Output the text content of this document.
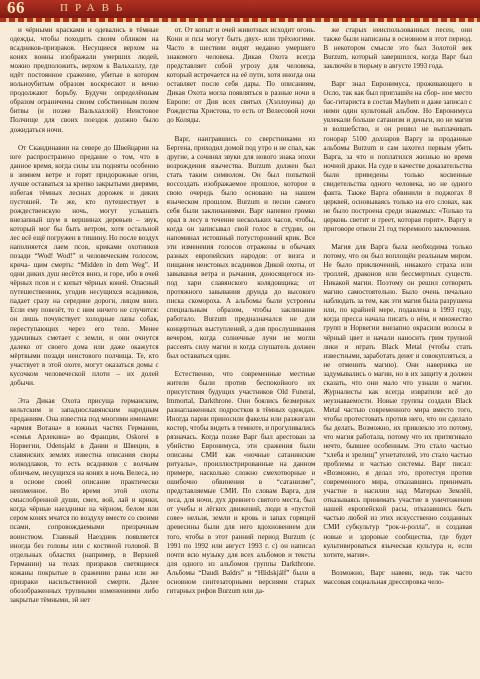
66	ПРАВЬ

и чёрными красками и одевались в тёмные одежды, чтобы походить своим обликом на всадников-призраков. Несущиеся верхом на конях воины изображали умерших людей, можно предположить, верхом к Вальхаллу, где идёт постоянное сражение, убитые в котором вольноубитым образом воскресают и вечно продолжают борьбу. Будучи определённым образом ограничены своим собственным полем битвы (и позже Вальхаллой) Неистовое Полчище для своих поездок должно было дожидаться ночи.

От Скандинавии на севере до Швейцарии на юге распространено предание о том, что в данное время, когда силы зла подняты особенно в зимнем ветре и горят придорожные огни, лучше оставаться за крепко закрытыми дверями, избегая тёмных лесных дорожек и диких пустошей. Те же, кто путешествует в рождественскую ночь, могут услышать внезапный шум в вершинах деревьев – звук, который мог бы быть ветром, хотя остальной лес всё ещё погружен в тишину. Но после воздух наполняется лаем псов, криками охотников позади “Wod! Wod!” и человеческим голосом, крича- щим смерть: “Midden in dem Weg”. И одни диких душ несётся вниз, и горе, ибо в очей чёрных псов и с копыт чёрных коней. Опасный путешественник, угодив несущихся всадников, падает сразу на середине дороги, лицом вниз. Если ему повезёт, то с ним ничего не случится: он лишь почувствует холодные лапы собак, переступающих через его тело. Менее удачливых сметает с земли, и они очнутся далеко от своего дома или даже окажутся мёртвыми позади неистового полчища. Те, кто участвует в этой охоте, могут оказаться домы с кусочком человеческой плоти – их долей добычи.

Эта Дикая Охота присуща германским, кельтским и западнославянским народным преданиям. Она известна под многими именами: «армия Вотана» в южных частях Германии, «семья Арлекина» во Франции, Oskorei в Норвегии, Odensjakt в Дании и Швеции, в славянских землях известна описания своры волкодлаков, то есть всадников с волчьим обличьем, несущихся на конях в ночь Велеса, но в основе своей описание практически неизменное. Во время этой охоты смыслобренной души, смех, вой, лай и крики, когда чёрные наездники на чёрном, белом или сером конях мчатся по воздуху вместе со своими псами, сопровождаемыми призрачным воинством. Главный Наездник появляется иногда без головы или с костяной головой. В отдельных областях (например, в Верхней Германии) на телах призраков светящиеся кожаны покрытые в сражении раны или же призраки насильственной смерти. Далее обозображенных трупными изменениями либо закрытые тёмными, эй нет

от. От копыт и очей животных исходит огонь. Кони и псы могут быть двух- или трёхногими. Часто в шествии видят недавно умершего знакомого человека. Дикая Охота всегда представляет собой угрозу для человека, который встречается на её пути, хотя иногда она оставляет после себя дары. По описаниям, Дикая Охота могла появляться в разные ночи в Европе: от Дня всех святых (Хэллоуина) до Рождества Христова, то есть от Велесовой ночи до Коляды.

Варг, наигравшись со сверстниками из Бергена, приходил домой под утро и не спал, как другие, а сочинял звуки для нового знака эпохи возрождения язычества. Burzum должен был стать таким символом. Он был попыткой воссоздать изображаемое прошлое, которое в свою очередь было основано на нашем языческом прошлом. Burzum и песни самого себя были заклинаниями. Варг напевно громко орал в лесу в течение нескольких часов, чтобы, когда он записывал свой голос в студии, он напоминал истошный потусторонний крик. Все эти изменения голосов отражены в обычаях разных европейских народов: от визга и пищания неистовых всадников Дикой охоты, от завыванья ветра и рычания, доносящегося из-под хари славянского колядовщика; от протяжного завывания друида до высокого писка скомороха. А альбомы были устроены специальным образом, чтобы заклинание работало. Burzum предназначался не для концертных выступлений, а для прослушивания вечером, когда солнечные лучи не могли рассеять силу магии и когда слушатель должен был оставаться один.

Естественно, что современные местные жители были против беспокойного их присутствия будущих участников Old Funeral, Immortal, Darkthrone. Они боялись безмерных разнаглаженных подростков в тёмных одеждах. Иногда парни приносили факелы или разжигали костер, чтобы видеть в темноте, и прогуливались рязначась. Когда позже Варг был арестован за убийство Евронимуса, эти сражения были описаны СМИ как «ночные сатанинские ритуалы», проиллюстрированные на данном примере, насколько сложно смехотворные и ошибочно обвинения в “сатанизме”, представляемые СМИ. По словам Варга, для леса, для ночи, дух древнего святого места, был от учебы и лёгких движений, люди в «пустой сове» нельзя, земли и кровь и запах горящей древесины были для него вдохновением для того, чтобы в этот ранний период Burzum (с 1991 по 1992 или август 1993 г. с) он написал почти всю музыку для всех альбомов и тексты для одного из альбомов группы Darkthrone. Альбомы “Daudi Baldrs” и “Hlidskjálf” были в основном синтезаторными версиями старых гитарных рифов Burzum или да-

же старых неиспользованных песен, они также были написаны в основном в этот период. В некотором смысле это был Золотой век Burzum, который завершился, когда Варг был заключён в тюрьму в августе 1993 года.

Варг знал Евронимуса, проживающего в Осло, так как был приглашён на сбор- ное место бас-гитариста в состав Mayhem и даже записал с ними один культовый альбом. Но Евронимуса увлекали больше сатанизм и деньги, но не магия и волшебство, и он решил не выплачивать гонорар 5100 долларов Варгу за проданные альбомы Burzum и сам захотел первым убить Варга, за что и поплатился жизнью во время ночной драки. На суде в качестве доказательства были приведены только косвенные свидетельства одного человека, но не одного факта. Также Варга обвинили в поджогах 8 церквей, основываясь только на его словах, как не было построена среди знакомых: «Только та церковь светит и греет, которая горит». Варгу в приговоре отвели 21 год тюремного заключения.

Магия для Варга была необходима только потому, что он был воплощён реальным миром. Не было приключений, никакого страха или троллей, драконов или бессмертных существ. Никакой магии. Поэтому он решил сотворить магию самостоятельно. Было очень печально наблюдать за тем, как эти магия была разрушена или, по крайней мере, подавлена в 1993 году, когда пресса начала писать о нём, и множество групп в Норвегии внезапно окрасили волосы в чёрный цвет и начали наносить грим трупной лики и играть Black Metal (чтобы стать известными, заработать денег и совокупляться, а не отменить магию). Они наверняка не задумывались о магии, но в их защиту я должен сказать, что они мало что узнали о магии. Журналисты как всегда извратили всё до неузнаваемости. Новые группы создали Black Metal частью современного мира вместо того, чтобы протестовать против него, что он сделало бы делать. Возможно, их привлекло это потому, что магия работала, потому что их притягивало нечто, бывшее особенным. Это стало частью “хлеба и зрелищ” угнетателей, это стало частью проблемы и частью системы. Варг писал: «Возможно, я делал это, протестуя против современного мира, отказавшись принимать участие в насилии над Матерью Землёй, отказываясь принимать участие в уничтожении нашей европейской расы, отказавшись быть частью любой из этих искусственно созданных СМИ субкультур “рок-н-ролла”, и создавая новые и здоровые сообщества, где будет культивироваться языческая культура и, если хотите, магия».

Возможно, Варг навеян, ведь так часто массовая социальная дрессировка чело-
